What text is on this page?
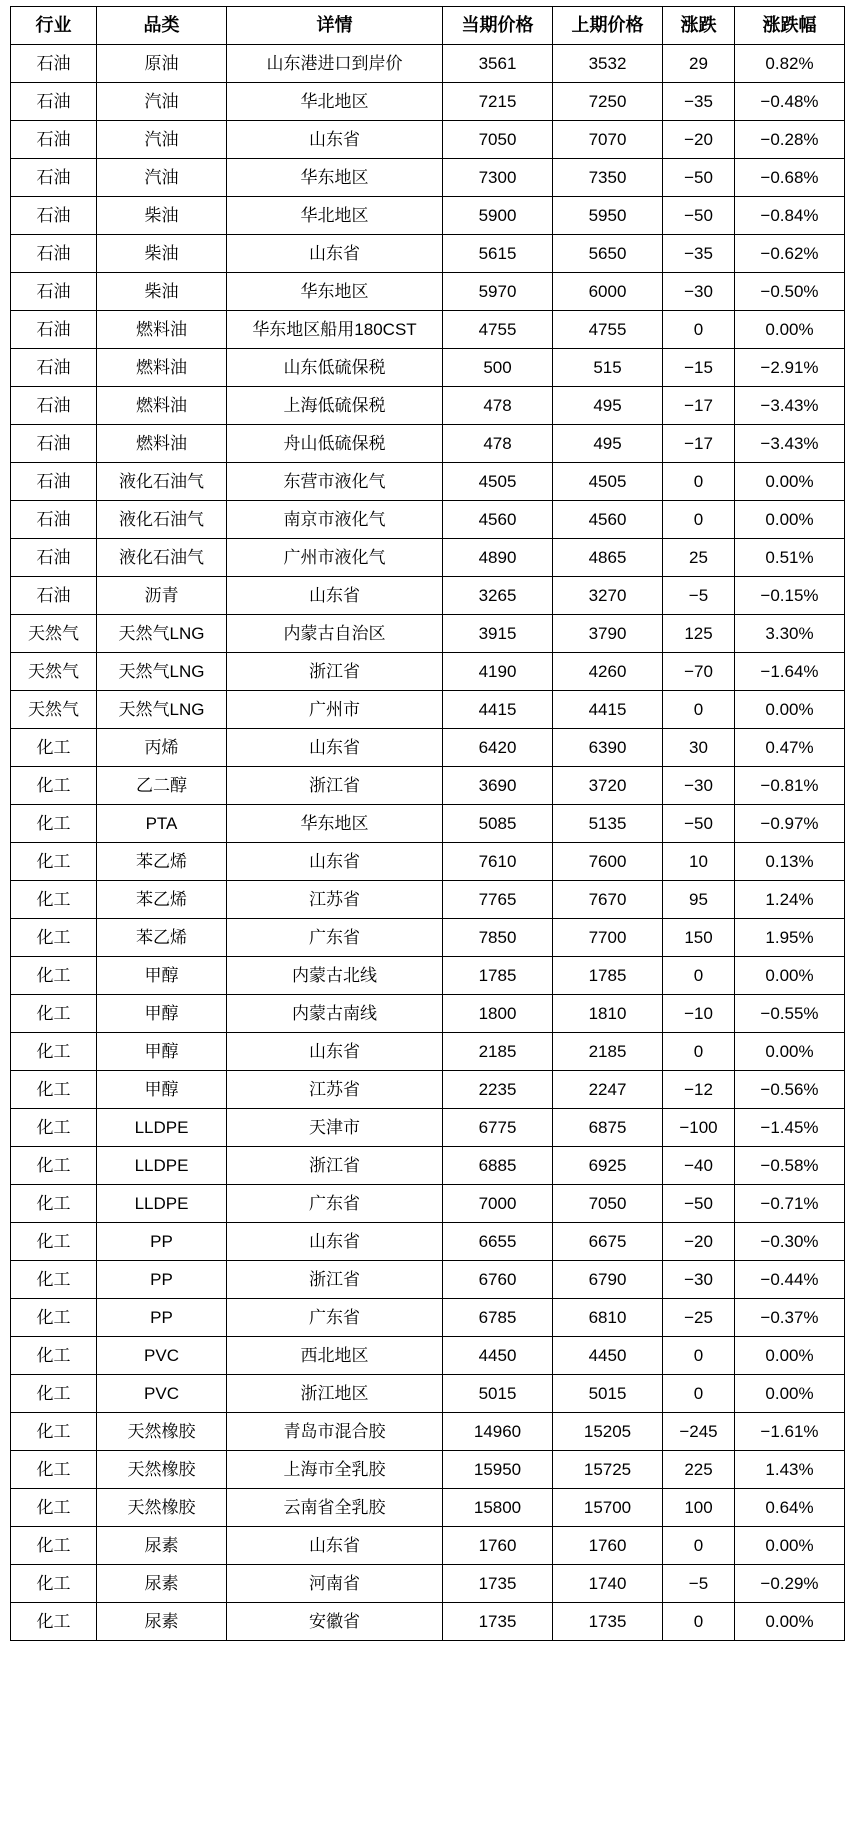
行业	品类	详情	当期价格	上期价格	涨跌	涨跌幅
石油	原油	山东港进口到岸价	3561	3532	29	0.82%
石油	汽油	华北地区	7215	7250	−35	−0.48%
石油	汽油	山东省	7050	7070	−20	−0.28%
石油	汽油	华东地区	7300	7350	−50	−0.68%
石油	柴油	华北地区	5900	5950	−50	−0.84%
石油	柴油	山东省	5615	5650	−35	−0.62%
石油	柴油	华东地区	5970	6000	−30	−0.50%
石油	燃料油	华东地区船用180CST	4755	4755	0	0.00%
石油	燃料油	山东低硫保税	500	515	−15	−2.91%
石油	燃料油	上海低硫保税	478	495	−17	−3.43%
石油	燃料油	舟山低硫保税	478	495	−17	−3.43%
石油	液化石油气	东营市液化气	4505	4505	0	0.00%
石油	液化石油气	南京市液化气	4560	4560	0	0.00%
石油	液化石油气	广州市液化气	4890	4865	25	0.51%
石油	沥青	山东省	3265	3270	−5	−0.15%
天然气	天然气LNG	内蒙古自治区	3915	3790	125	3.30%
天然气	天然气LNG	浙江省	4190	4260	−70	−1.64%
天然气	天然气LNG	广州市	4415	4415	0	0.00%
化工	丙烯	山东省	6420	6390	30	0.47%
化工	乙二醇	浙江省	3690	3720	−30	−0.81%
化工	PTA	华东地区	5085	5135	−50	−0.97%
化工	苯乙烯	山东省	7610	7600	10	0.13%
化工	苯乙烯	江苏省	7765	7670	95	1.24%
化工	苯乙烯	广东省	7850	7700	150	1.95%
化工	甲醇	内蒙古北线	1785	1785	0	0.00%
化工	甲醇	内蒙古南线	1800	1810	−10	−0.55%
化工	甲醇	山东省	2185	2185	0	0.00%
化工	甲醇	江苏省	2235	2247	−12	−0.56%
化工	LLDPE	天津市	6775	6875	−100	−1.45%
化工	LLDPE	浙江省	6885	6925	−40	−0.58%
化工	LLDPE	广东省	7000	7050	−50	−0.71%
化工	PP	山东省	6655	6675	−20	−0.30%
化工	PP	浙江省	6760	6790	−30	−0.44%
化工	PP	广东省	6785	6810	−25	−0.37%
化工	PVC	西北地区	4450	4450	0	0.00%
化工	PVC	浙江地区	5015	5015	0	0.00%
化工	天然橡胶	青岛市混合胶	14960	15205	−245	−1.61%
化工	天然橡胶	上海市全乳胶	15950	15725	225	1.43%
化工	天然橡胶	云南省全乳胶	15800	15700	100	0.64%
化工	尿素	山东省	1760	1760	0	0.00%
化工	尿素	河南省	1735	1740	−5	−0.29%
化工	尿素	安徽省	1735	1735	0	0.00%
